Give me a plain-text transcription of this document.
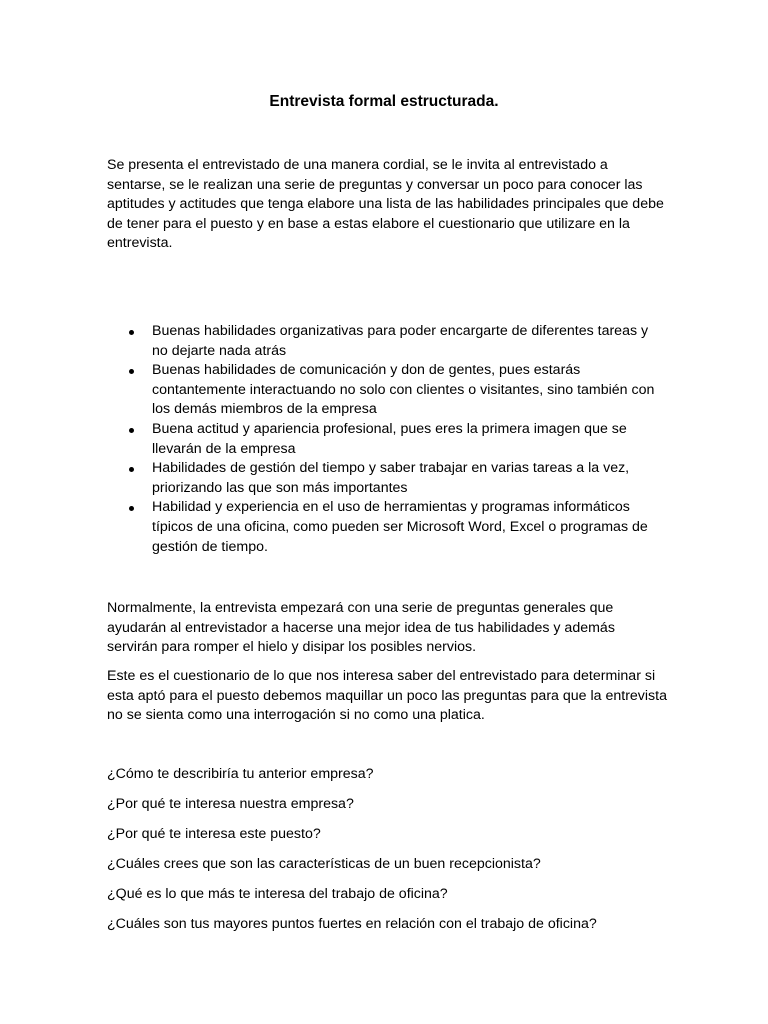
Entrevista formal estructurada.

Se presenta el entrevistado de una manera cordial, se le invita al entrevistado a sentarse, se le realizan una serie de preguntas y conversar un poco para conocer las aptitudes y actitudes que tenga elabore una lista de las habilidades principales que debe de tener para el puesto y en base a estas elabore el cuestionario que utilizare en la entrevista.

Buenas habilidades organizativas para poder encargarte de diferentes tareas y no dejarte nada atrás
Buenas habilidades de comunicación y don de gentes, pues estarás contantemente interactuando no solo con clientes o visitantes, sino también con los demás miembros de la empresa
Buena actitud y apariencia profesional, pues eres la primera imagen que se llevarán de la empresa
Habilidades de gestión del tiempo y saber trabajar en varias tareas a la vez, priorizando las que son más importantes
Habilidad y experiencia en el uso de herramientas y programas informáticos típicos de una oficina, como pueden ser Microsoft Word, Excel o programas de gestión de tiempo.

Normalmente, la entrevista empezará con una serie de preguntas generales que ayudarán al entrevistador a hacerse una mejor idea de tus habilidades y además servirán para romper el hielo y disipar los posibles nervios.

Este es el cuestionario de lo que nos interesa saber del entrevistado para determinar si esta aptó para el puesto debemos maquillar un poco las preguntas para que la entrevista no se sienta como una interrogación si no como una platica.

¿Cómo te describiría tu anterior empresa?

¿Por qué te interesa nuestra empresa?

¿Por qué te interesa este puesto?

¿Cuáles crees que son las características de un buen recepcionista?

¿Qué es lo que más te interesa del trabajo de oficina?

¿Cuáles son tus mayores puntos fuertes en relación con el trabajo de oficina?
